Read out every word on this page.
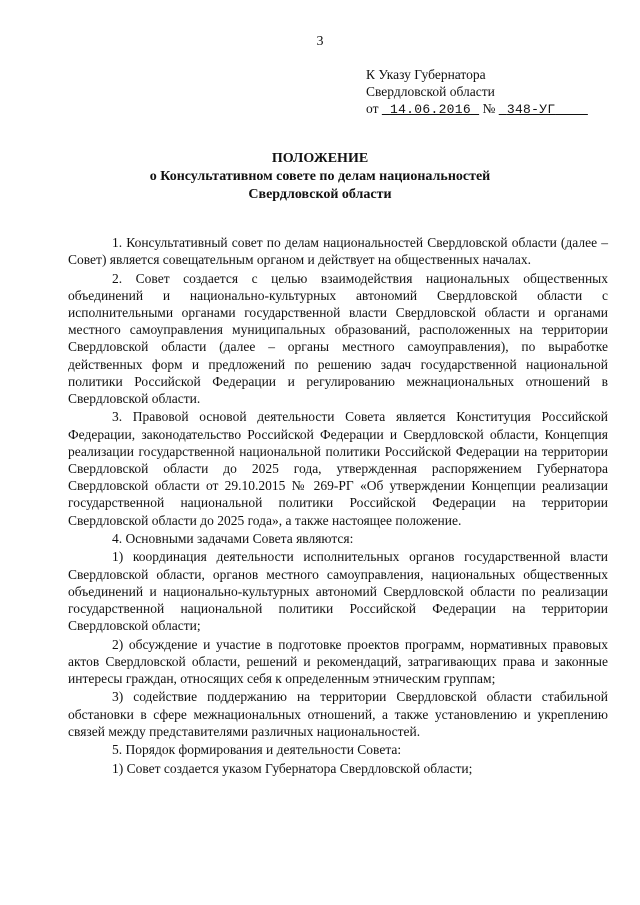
3
К Указу Губернатора
Свердловской области
от 14.06.2016 № 348-УГ
ПОЛОЖЕНИЕ
о Консультативном совете по делам национальностей
Свердловской области

1. Консультативный совет по делам национальностей Свердловской области (далее – Совет) является совещательным органом и действует на общественных началах.

2. Совет создается с целью взаимодействия национальных общественных объединений и национально-культурных автономий Свердловской области с исполнительными органами государственной власти Свердловской области и органами местного самоуправления муниципальных образований, расположенных на территории Свердловской области (далее – органы местного самоуправления), по выработке действенных форм и предложений по решению задач государственной национальной политики Российской Федерации и регулированию межнациональных отношений в Свердловской области.

3. Правовой основой деятельности Совета является Конституция Российской Федерации, законодательство Российской Федерации и Свердловской области, Концепция реализации государственной национальной политики Российской Федерации на территории Свердловской области до 2025 года, утвержденная распоряжением Губернатора Свердловской области от 29.10.2015 № 269-РГ «Об утверждении Концепции реализации государственной национальной политики Российской Федерации на территории Свердловской области до 2025 года», а также настоящее положение.

4. Основными задачами Совета являются:

1) координация деятельности исполнительных органов государственной власти Свердловской области, органов местного самоуправления, национальных общественных объединений и национально-культурных автономий Свердловской области по реализации государственной национальной политики Российской Федерации на территории Свердловской области;

2) обсуждение и участие в подготовке проектов программ, нормативных правовых актов Свердловской области, решений и рекомендаций, затрагивающих права и законные интересы граждан, относящих себя к определенным этническим группам;

3) содействие поддержанию на территории Свердловской области стабильной обстановки в сфере межнациональных отношений, а также установлению и укреплению связей между представителями различных национальностей.

5. Порядок формирования и деятельности Совета:

1) Совет создается указом Губернатора Свердловской области;
